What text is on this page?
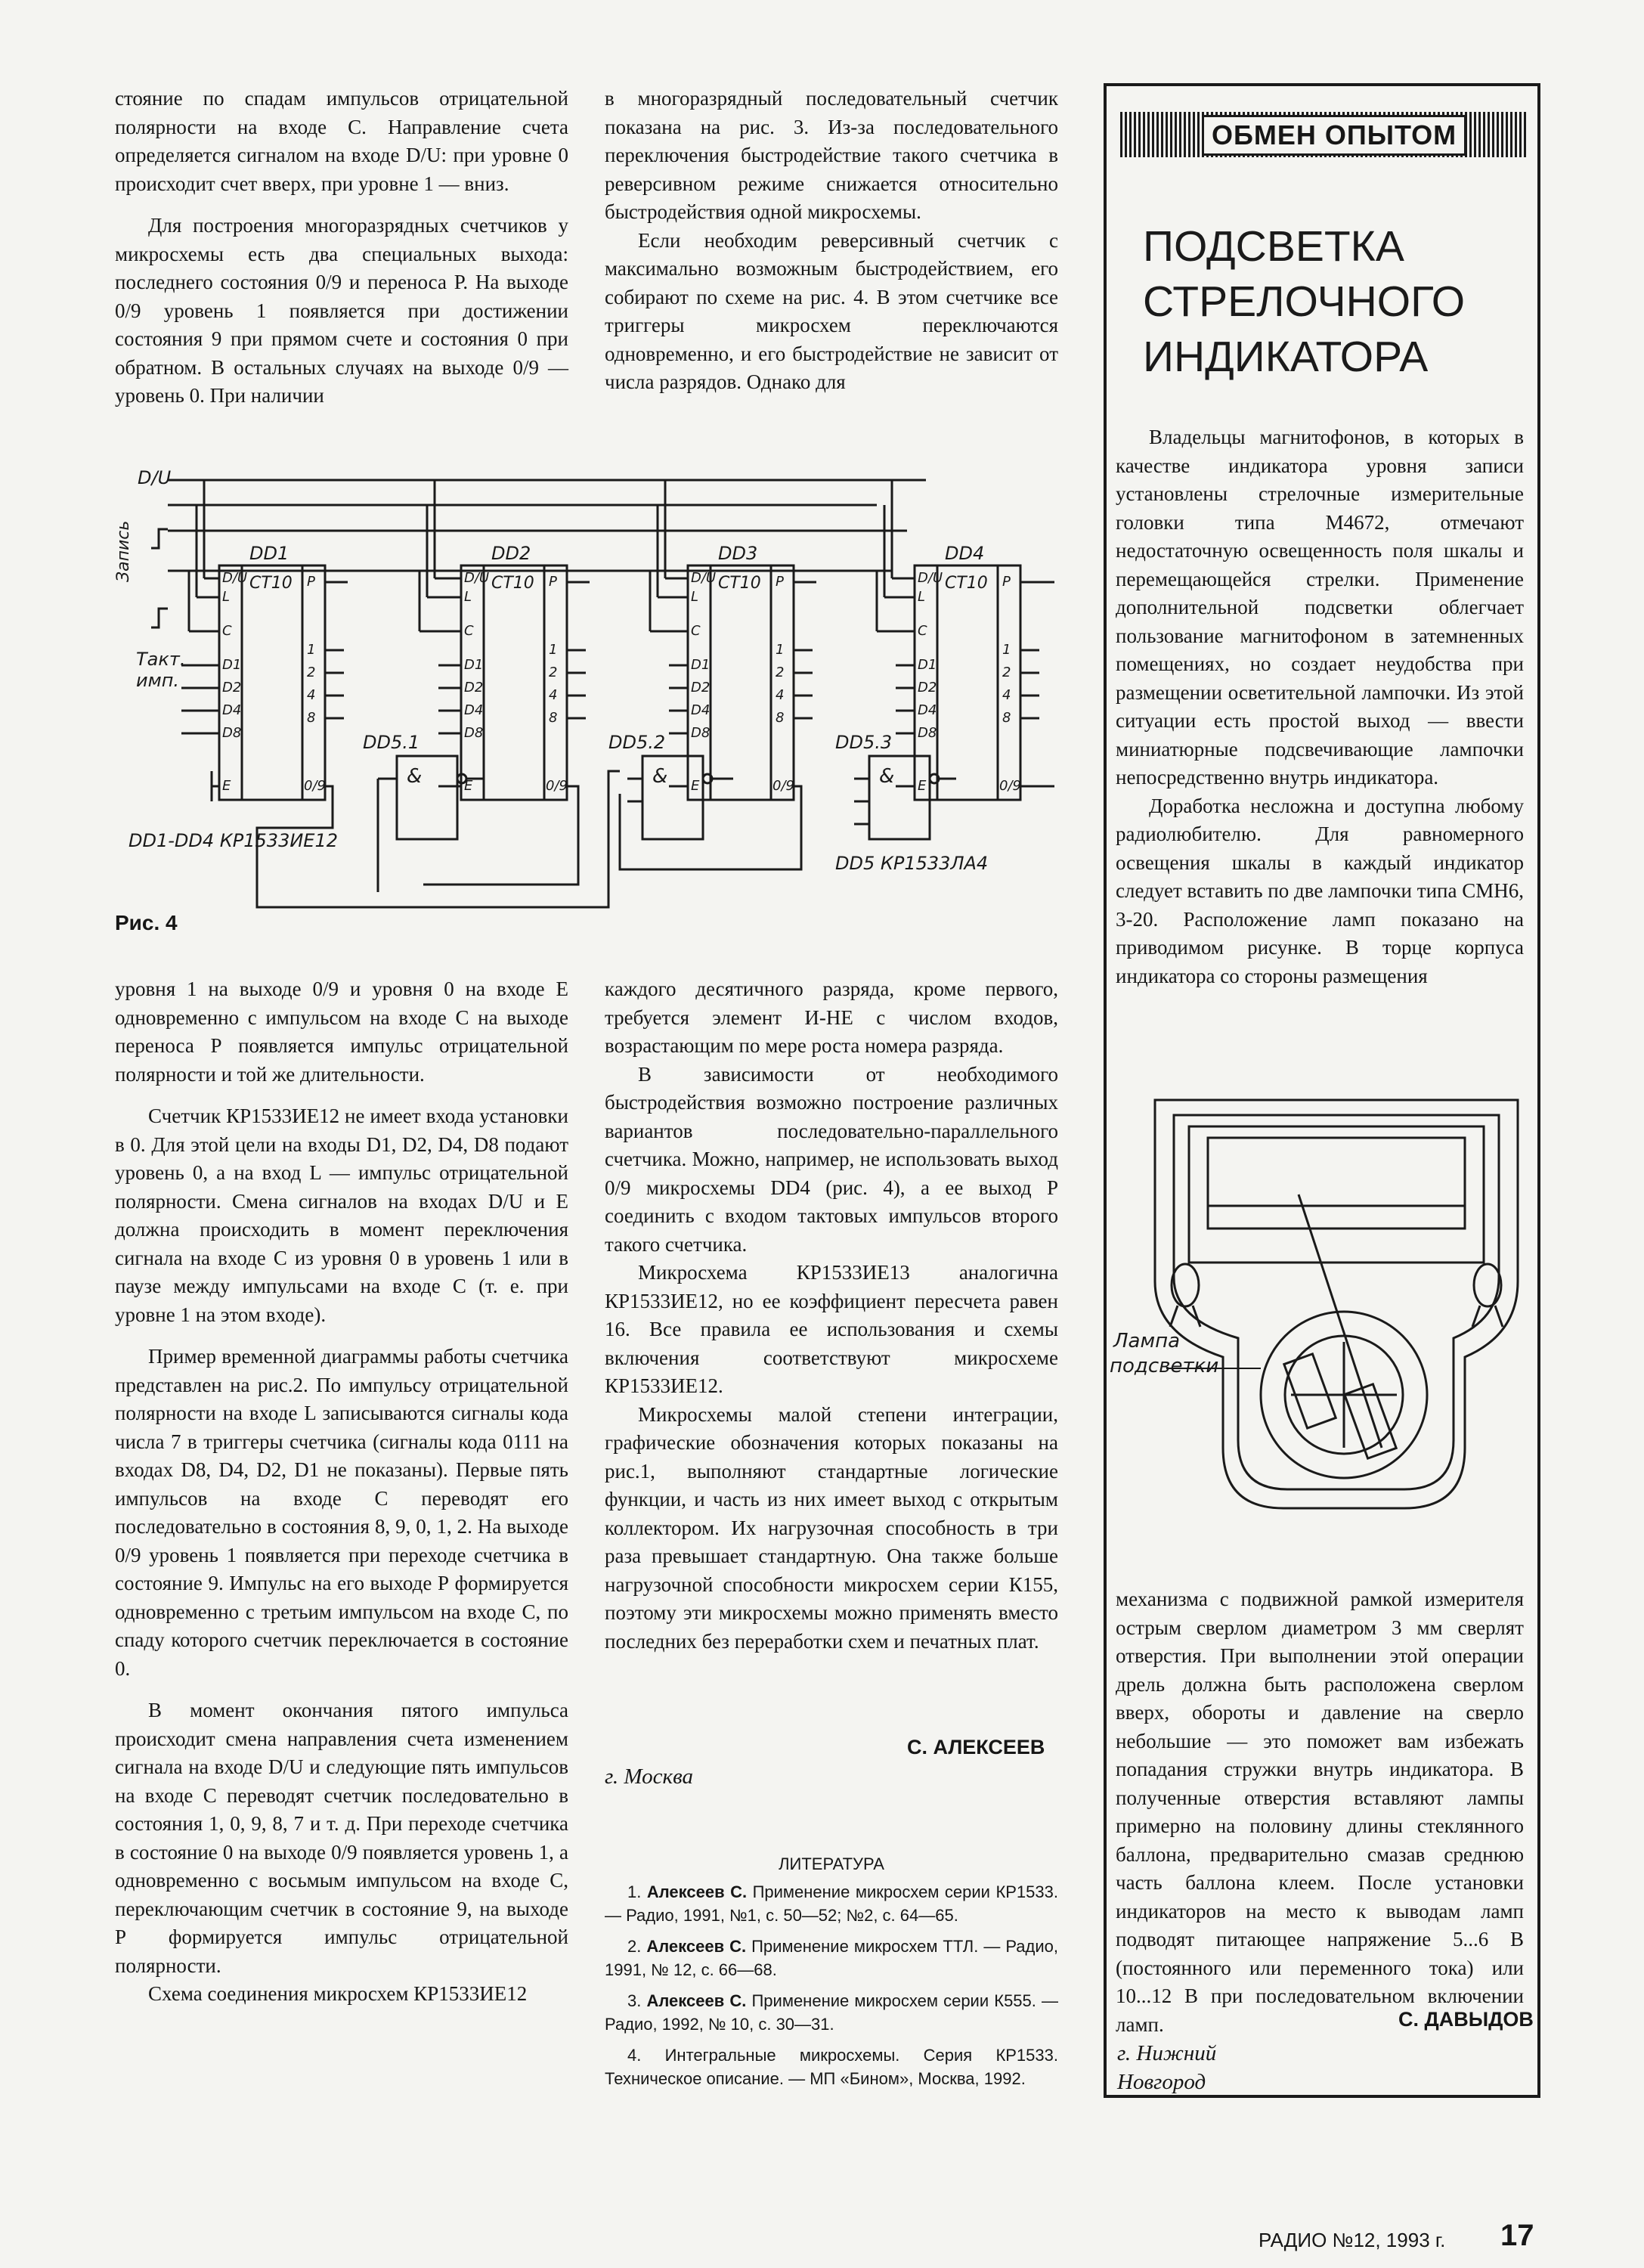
стояние по спадам импульсов отрицательной полярности на входе С. Направление счета определяется сигналом на входе D/U: при уровне 0 происходит счет вверх, при уровне 1 — вниз.

Для построения многоразрядных счетчиков у микросхемы есть два специальных выхода: последнего состояния 0/9 и переноса Р. На выходе 0/9 уровень 1 появляется при достижении состояния 9 при прямом счете и состояния 0 при обратном. В остальных случаях на выходе 0/9 — уровень 0. При наличии

в многоразрядный последовательный счетчик показана на рис. 3. Из-за последовательного переключения быстродействие такого счетчика в реверсивном режиме снижается относительно быстродействия одной микросхемы.

Если необходим реверсивный счетчик с максимально возможным быстродействием, его собирают по схеме на рис. 4. В этом счетчике все триггеры микросхем переключаются одновременно, и его быстродействие не зависит от числа разрядов. Однако для

D/U
Запись
Такт.
имп.
DD1	DD2	DD3	DD4
CT10	CT10	CT10	CT10
D/U
L
C
D1
D2
D4
D8
E
P
1
2
4
8
0/9
D/U
L
C
D1
D2
D4
D8
E
P
1
2
4
8
0/9
D/U
L
C
D1
D2
D4
D8
E
P
1
2
4
8
0/9
D/U
L
C
D1
D2
D4
D8
E
P
1
2
4
8
0/9
DD5.1	DD5.2	DD5.3
&	&	&
DD1-DD4 КР1533ИЕ12
DD5 КР1533ЛА4
Рис. 4

уровня 1 на выходе 0/9 и уровня 0 на входе Е одновременно с импульсом на входе С на выходе переноса Р появляется импульс отрицательной полярности и той же длительности.

Счетчик КР1533ИЕ12 не имеет входа установки в 0. Для этой цели на входы D1, D2, D4, D8 подают уровень 0, а на вход L — импульс отрицательной полярности. Смена сигналов на входах D/U и Е должна происходить в момент переключения сигнала на входе С из уровня 0 в уровень 1 или в паузе между импульсами на входе С (т. е. при уровне 1 на этом входе).

Пример временной диаграммы работы счетчика представлен на рис.2. По импульсу отрицательной полярности на входе L записываются сигналы кода числа 7 в триггеры счетчика (сигналы кода 0111 на входах D8, D4, D2, D1 не показаны). Первые пять импульсов на входе С переводят его последовательно в состояния 8, 9, 0, 1, 2. На выходе 0/9 уровень 1 появляется при переходе счетчика в состояние 9. Импульс на его выходе Р формируется одновременно с третьим импульсом на входе С, по спаду которого счетчик переключается в состояние 0.

В момент окончания пятого импульса происходит смена направления счета изменением сигнала на входе D/U и следующие пять импульсов на входе С переводят счетчик последовательно в состояния 1, 0, 9, 8, 7 и т. д. При переходе счетчика в состояние 0 на выходе 0/9 появляется уровень 1, а одновременно с восьмым импульсом на входе С, переключающим счетчик в состояние 9, на выходе Р формируется импульс отрицательной полярности.

Схема соединения микросхем КР1533ИЕ12

каждого десятичного разряда, кроме первого, требуется элемент И-НЕ с числом входов, возрастающим по мере роста номера разряда.

В зависимости от необходимого быстродействия возможно построение различных вариантов последовательно-параллельного счетчика. Можно, например, не использовать выход 0/9 микросхемы DD4 (рис. 4), а ее выход Р соединить с входом тактовых импульсов второго такого счетчика.

Микросхема КР1533ИЕ13 аналогична КР1533ИЕ12, но ее коэффициент пересчета равен 16. Все правила ее использования и схемы включения соответствуют микросхеме КР1533ИЕ12.

Микросхемы малой степени интеграции, графические обозначения которых показаны на рис.1, выполняют стандартные логические функции, и часть из них имеет выход с открытым коллектором. Их нагрузочная способность в три раза превышает стандартную. Она также больше нагрузочной способности микросхем серии К155, поэтому эти микросхемы можно применять вместо последних без переработки схем и печатных плат.

С. АЛЕКСЕЕВ
г. Москва
ЛИТЕРАТУРА
1. Алексеев С. Применение микросхем серии КР1533. — Радио, 1991, №1, с. 50—52; №2, с. 64—65.
2. Алексеев С. Применение микросхем ТТЛ. — Радио, 1991, № 12, с. 66—68.
3. Алексеев С. Применение микросхем серии К555. — Радио, 1992, № 10, с. 30—31.
4. Интегральные микросхемы. Серия КР1533. Техническое описание. — МП «Бином», Москва, 1992.
ОБМЕН ОПЫТОМ
ПОДСВЕТКА
СТРЕЛОЧНОГО
ИНДИКАТОРА

Владельцы магнитофонов, в которых в качестве индикатора уровня записи установлены стрелочные измерительные головки типа М4672, отмечают недостаточную освещенность поля шкалы и перемещающейся стрелки. Применение дополнительной подсветки облегчает пользование магнитофоном в затемненных помещениях, но создает неудобства при размещении осветительной лампочки. Из этой ситуации есть простой выход — ввести миниатюрные подсвечивающие лампочки непосредственно внутрь индикатора.

Доработка несложна и доступна любому радиолюбителю. Для равномерного освещения шкалы в каждый индикатор следует вставить по две лампочки типа СМН6, 3-20. Расположение ламп показано на приводимом рисунке. В торце корпуса индикатора со стороны размещения

Лампа
подсветки

механизма с подвижной рамкой измерителя острым сверлом диаметром 3 мм сверлят отверстия. При выполнении этой операции дрель должна быть расположена сверлом вверх, обороты и давление на сверло небольшие — это поможет вам избежать попадания стружки внутрь индикатора. В полученные отверстия вставляют лампы примерно на половину длины стеклянного баллона, предварительно смазав среднюю часть баллона клеем. После установки индикаторов на место к выводам ламп подводят питающее напряжение 5...6 В (постоянного или переменного тока) или 10...12 В при последовательном включении ламп.	С. ДАВЫДОВ
г. Нижний
Новгород
РАДИО №12, 1993 г. 17
